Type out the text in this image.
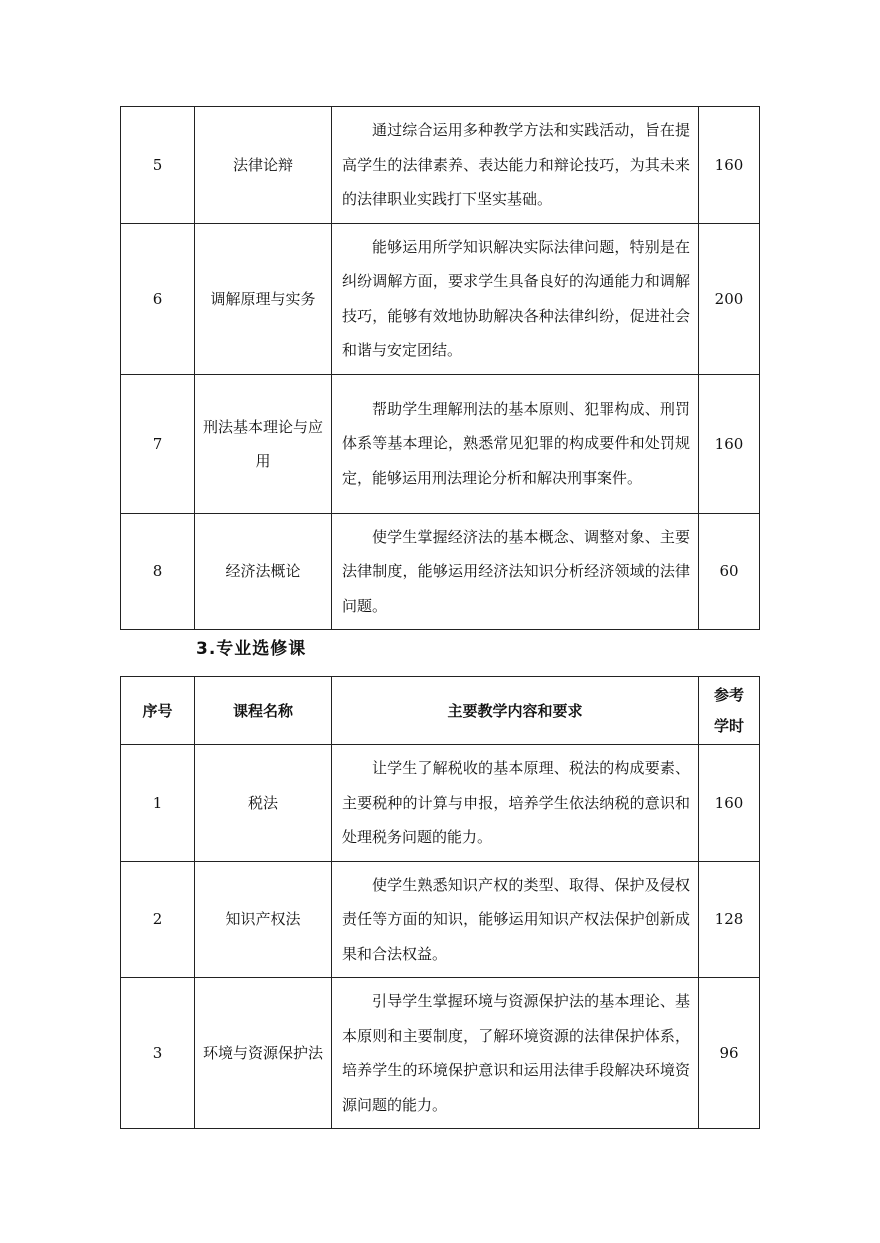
5	法律论辩	通过综合运用多种教学方法和实践活动，旨在提高学生的法律素养、表达能力和辩论技巧，为其未来的法律职业实践打下坚实基础。	160
6	调解原理与实务	能够运用所学知识解决实际法律问题，特别是在纠纷调解方面，要求学生具备良好的沟通能力和调解技巧，能够有效地协助解决各种法律纠纷，促进社会和谐与安定团结。	200
7	刑法基本理论与应用	帮助学生理解刑法的基本原则、犯罪构成、刑罚体系等基本理论，熟悉常见犯罪的构成要件和处罚规定，能够运用刑法理论分析和解决刑事案件。	160
8	经济法概论	使学生掌握经济法的基本概念、调整对象、主要法律制度，能够运用经济法知识分析经济领域的法律问题。	60
3.专业选修课
序号	课程名称	主要教学内容和要求	参考
学时

1	税法	让学生了解税收的基本原理、税法的构成要素、主要税种的计算与申报，培养学生依法纳税的意识和处理税务问题的能力。	160
2	知识产权法	使学生熟悉知识产权的类型、取得、保护及侵权责任等方面的知识，能够运用知识产权法保护创新成果和合法权益。	128
3	环境与资源保护法	引导学生掌握环境与资源保护法的基本理论、基本原则和主要制度，了解环境资源的法律保护体系，培养学生的环境保护意识和运用法律手段解决环境资源问题的能力。	96
